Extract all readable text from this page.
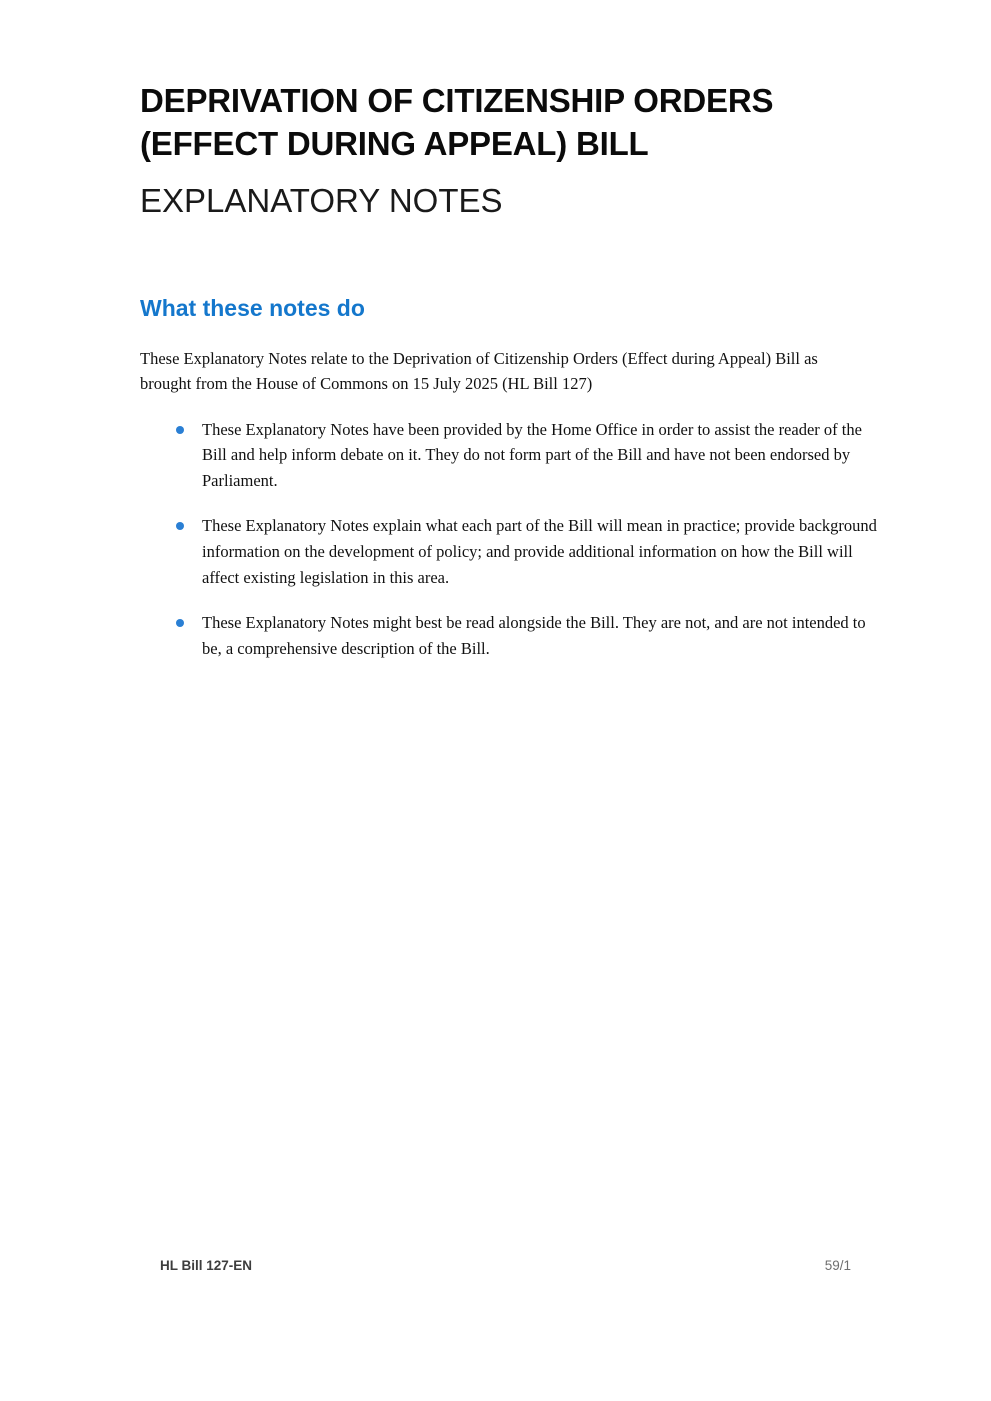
DEPRIVATION OF CITIZENSHIP ORDERS
(EFFECT DURING APPEAL) BILL
EXPLANATORY NOTES
What these notes do

These Explanatory Notes relate to the Deprivation of Citizenship Orders (Effect during Appeal) Bill as brought from the House of Commons on 15 July 2025 (HL Bill 127)

These Explanatory Notes have been provided by the Home Office in order to assist the reader of the Bill and help inform debate on it. They do not form part of the Bill and have not been endorsed by Parliament.
These Explanatory Notes explain what each part of the Bill will mean in practice; provide background information on the development of policy; and provide additional information on how the Bill will affect existing legislation in this area.
These Explanatory Notes might best be read alongside the Bill. They are not, and are not intended to be, a comprehensive description of the Bill.
HL Bill 127-EN	59/1
